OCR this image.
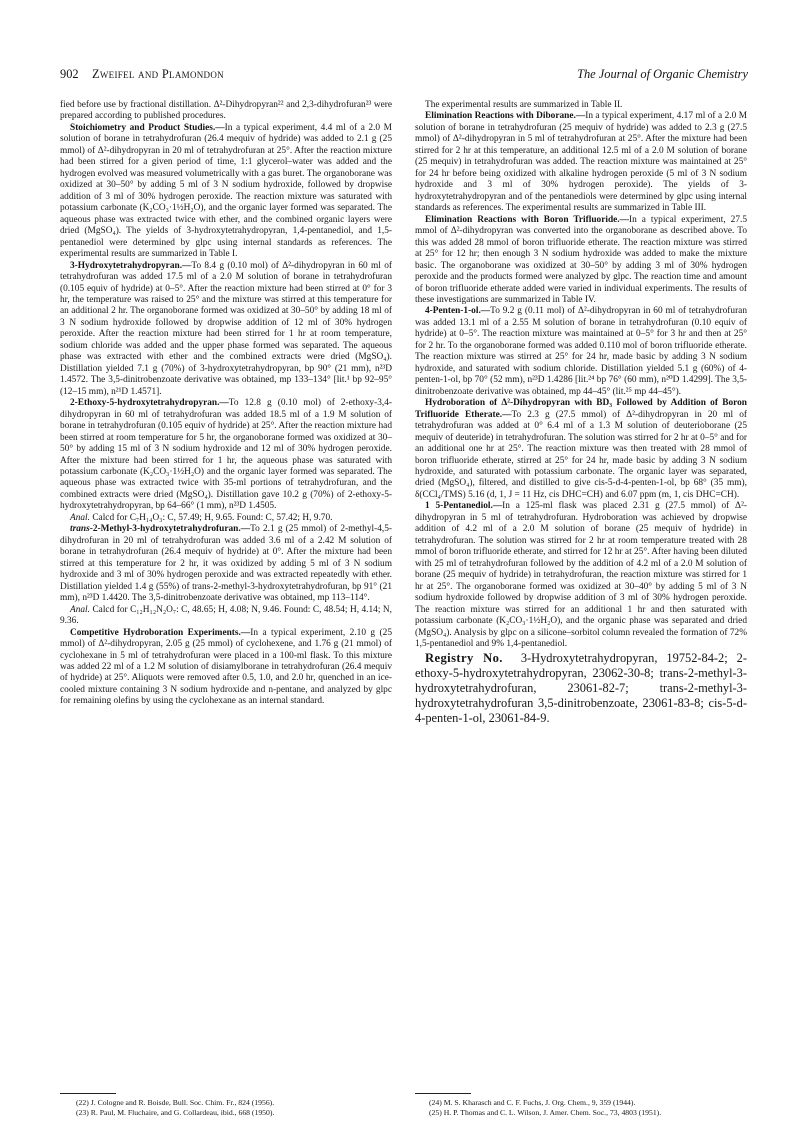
902 Zweifel and Plamondon	The Journal of Organic Chemistry

fied before use by fractional distillation. Δ²-Dihydropyran²² and 2,3-dihydrofuran²³ were prepared according to published procedures.

Stoichiometry and Product Studies.—In a typical experiment, 4.4 ml of a 2.0 M solution of borane in tetrahydrofuran (26.4 mequiv of hydride) was added to 2.1 g (25 mmol) of Δ²-dihydropyran in 20 ml of tetrahydrofuran at 25°. After the reaction mixture had been stirred for a given period of time, 1:1 glycerol–water was added and the hydrogen evolved was measured volumetrically with a gas buret. The organoborane was oxidized at 30–50° by adding 5 ml of 3 N sodium hydroxide, followed by dropwise addition of 3 ml of 30% hydrogen peroxide. The reaction mixture was saturated with potassium carbonate (K₂CO₃·1½H₂O), and the organic layer formed was separated. The aqueous phase was extracted twice with ether, and the combined organic layers were dried (MgSO₄). The yields of 3-hydroxytetrahydropyran, 1,4-pentanediol, and 1,5-pentanediol were determined by glpc using internal standards as references. The experimental results are summarized in Table I.

3-Hydroxytetrahydropyran.—To 8.4 g (0.10 mol) of Δ²-dihydropyran in 60 ml of tetrahydrofuran was added 17.5 ml of a 2.0 M solution of borane in tetrahydrofuran (0.105 equiv of hydride) at 0–5°. After the reaction mixture had been stirred at 0° for 3 hr, the temperature was raised to 25° and the mixture was stirred at this temperature for an additional 2 hr. The organoborane formed was oxidized at 30–50° by adding 18 ml of 3 N sodium hydroxide followed by dropwise addition of 12 ml of 30% hydrogen peroxide. After the reaction mixture had been stirred for 1 hr at room temperature, sodium chloride was added and the upper phase formed was separated. The aqueous phase was extracted with ether and the combined extracts were dried (MgSO₄). Distillation yielded 7.1 g (70%) of 3-hydroxytetrahydropyran, bp 90° (21 mm), n²³D 1.4572. The 3,5-dinitrobenzoate derivative was obtained, mp 133–134° [lit.¹ bp 92–95° (12–15 mm), n²¹D 1.4571].

2-Ethoxy-5-hydroxytetrahydropyran.—To 12.8 g (0.10 mol) of 2-ethoxy-3,4-dihydropyran in 60 ml of tetrahydrofuran was added 18.5 ml of a 1.9 M solution of borane in tetrahydrofuran (0.105 equiv of hydride) at 25°. After the reaction mixture had been stirred at room temperature for 5 hr, the organoborane formed was oxidized at 30–50° by adding 15 ml of 3 N sodium hydroxide and 12 ml of 30% hydrogen peroxide. After the mixture had been stirred for 1 hr, the aqueous phase was saturated with potassium carbonate (K₂CO₃·1½H₂O) and the organic layer formed was separated. The aqueous phase was extracted twice with 35-ml portions of tetrahydrofuran, and the combined extracts were dried (MgSO₄). Distillation gave 10.2 g (70%) of 2-ethoxy-5-hydroxytetrahydropyran, bp 64–66° (1 mm), n²³D 1.4505.

Anal. Calcd for C₇H₁₄O₃: C, 57.49; H, 9.65. Found: C, 57.42; H, 9.70.

trans-2-Methyl-3-hydroxytetrahydrofuran.—To 2.1 g (25 mmol) of 2-methyl-4,5-dihydrofuran in 20 ml of tetrahydrofuran was added 3.6 ml of a 2.42 M solution of borane in tetrahydrofuran (26.4 mequiv of hydride) at 0°. After the mixture had been stirred at this temperature for 2 hr, it was oxidized by adding 5 ml of 3 N sodium hydroxide and 3 ml of 30% hydrogen peroxide and was extracted repeatedly with ether. Distillation yielded 1.4 g (55%) of trans-2-methyl-3-hydroxytetrahydrofuran, bp 91° (21 mm), n²³D 1.4420. The 3,5-dinitrobenzoate derivative was obtained, mp 113–114°.

Anal. Calcd for C₁₂H₁₂N₂O₇: C, 48.65; H, 4.08; N, 9.46. Found: C, 48.54; H, 4.14; N, 9.36.

Competitive Hydroboration Experiments.—In a typical experiment, 2.10 g (25 mmol) of Δ²-dihydropyran, 2.05 g (25 mmol) of cyclohexene, and 1.76 g (21 mmol) of cyclohexane in 5 ml of tetrahydrofuran were placed in a 100-ml flask. To this mixture was added 22 ml of a 1.2 M solution of disiamylborane in tetrahydrofuran (26.4 mequiv of hydride) at 25°. Aliquots were removed after 0.5, 1.0, and 2.0 hr, quenched in an ice-cooled mixture containing 3 N sodium hydroxide and n-pentane, and analyzed by glpc for remaining olefins by using the cyclohexane as an internal standard.

The experimental results are summarized in Table II.

Elimination Reactions with Diborane.—In a typical experiment, 4.17 ml of a 2.0 M solution of borane in tetrahydrofuran (25 mequiv of hydride) was added to 2.3 g (27.5 mmol) of Δ²-dihydropyran in 5 ml of tetrahydrofuran at 25°. After the mixture had been stirred for 2 hr at this temperature, an additional 12.5 ml of a 2.0 M solution of borane (25 mequiv) in tetrahydrofuran was added. The reaction mixture was maintained at 25° for 24 hr before being oxidized with alkaline hydrogen peroxide (5 ml of 3 N sodium hydroxide and 3 ml of 30% hydrogen peroxide). The yields of 3-hydroxytetrahydropyran and of the pentanediols were determined by glpc using internal standards as references. The experimental results are summarized in Table III.

Elimination Reactions with Boron Trifluoride.—In a typical experiment, 27.5 mmol of Δ²-dihydropyran was converted into the organoborane as described above. To this was added 28 mmol of boron trifluoride etherate. The reaction mixture was stirred at 25° for 12 hr; then enough 3 N sodium hydroxide was added to make the mixture basic. The organoborane was oxidized at 30–50° by adding 3 ml of 30% hydrogen peroxide and the products formed were analyzed by glpc. The reaction time and amount of boron trifluoride etherate added were varied in individual experiments. The results of these investigations are summarized in Table IV.

4-Penten-1-ol.—To 9.2 g (0.11 mol) of Δ²-dihydropyran in 60 ml of tetrahydrofuran was added 13.1 ml of a 2.55 M solution of borane in tetrahydrofuran (0.10 equiv of hydride) at 0–5°. The reaction mixture was maintained at 0–5° for 3 hr and then at 25° for 2 hr. To the organoborane formed was added 0.110 mol of boron trifluoride etherate. The reaction mixture was stirred at 25° for 24 hr, made basic by adding 3 N sodium hydroxide, and saturated with sodium chloride. Distillation yielded 5.1 g (60%) of 4-penten-1-ol, bp 70° (52 mm), n²³D 1.4286 [lit.²⁴ bp 76° (60 mm), n²⁰D 1.4299]. The 3,5-dinitrobenzoate derivative was obtained, mp 44–45° (lit.²⁵ mp 44–45°).

Hydroboration of Δ²-Dihydropyran with BD₃ Followed by Addition of Boron Trifluoride Etherate.—To 2.3 g (27.5 mmol) of Δ²-dihydropyran in 20 ml of tetrahydrofuran was added at 0° 6.4 ml of a 1.3 M solution of deuterioborane (25 mequiv of deuteride) in tetrahydrofuran. The solution was stirred for 2 hr at 0–5° and for an additional one hr at 25°. The reaction mixture was then treated with 28 mmol of boron trifluoride etherate, stirred at 25° for 24 hr, made basic by adding 3 N sodium hydroxide, and saturated with potassium carbonate. The organic layer was separated, dried (MgSO₄), filtered, and distilled to give cis-5-d-4-penten-1-ol, bp 68° (35 mm), δ(CCl₄/TMS) 5.16 (d, 1, J = 11 Hz, cis DHC=CH) and 6.07 ppm (m, 1, cis DHC=CH).

1 5-Pentanediol.—In a 125-ml flask was placed 2.31 g (27.5 mmol) of Δ²-dihydropyran in 5 ml of tetrahydrofuran. Hydroboration was achieved by dropwise addition of 4.2 ml of a 2.0 M solution of borane (25 mequiv of hydride) in tetrahydrofuran. The solution was stirred for 2 hr at room temperature treated with 28 mmol of boron trifluoride etherate, and stirred for 12 hr at 25°. After having been diluted with 25 ml of tetrahydrofuran followed by the addition of 4.2 ml of a 2.0 M solution of borane (25 mequiv of hydride) in tetrahydrofuran, the reaction mixture was stirred for 1 hr at 25°. The organoborane formed was oxidized at 30–40° by adding 5 ml of 3 N sodium hydroxide followed by dropwise addition of 3 ml of 30% hydrogen peroxide. The reaction mixture was stirred for an additional 1 hr and then saturated with potassium carbonate (K₂CO₃·1½H₂O), and the organic phase was separated and dried (MgSO₄). Analysis by glpc on a silicone–sorbitol column revealed the formation of 72% 1,5-pentanediol and 9% 1,4-pentanediol.

Registry No. 3-Hydroxytetrahydropyran, 19752-84-2; 2-ethoxy-5-hydroxytetrahydropyran, 23062-30-8; trans-2-methyl-3-hydroxytetrahydrofuran, 23061-82-7; trans-2-methyl-3-hydroxytetrahydrofuran 3,5-dinitrobenzoate, 23061-83-8; cis-5-d-4-penten-1-ol, 23061-84-9.

(22) J. Cologne and R. Boisde, Bull. Soc. Chim. Fr., 824 (1956).
(23) R. Paul, M. Fluchaire, and G. Collardeau, ibid., 668 (1950).
(24) M. S. Kharasch and C. F. Fuchs, J. Org. Chem., 9, 359 (1944).
(25) H. P. Thomas and C. L. Wilson, J. Amer. Chem. Soc., 73, 4803 (1951).
